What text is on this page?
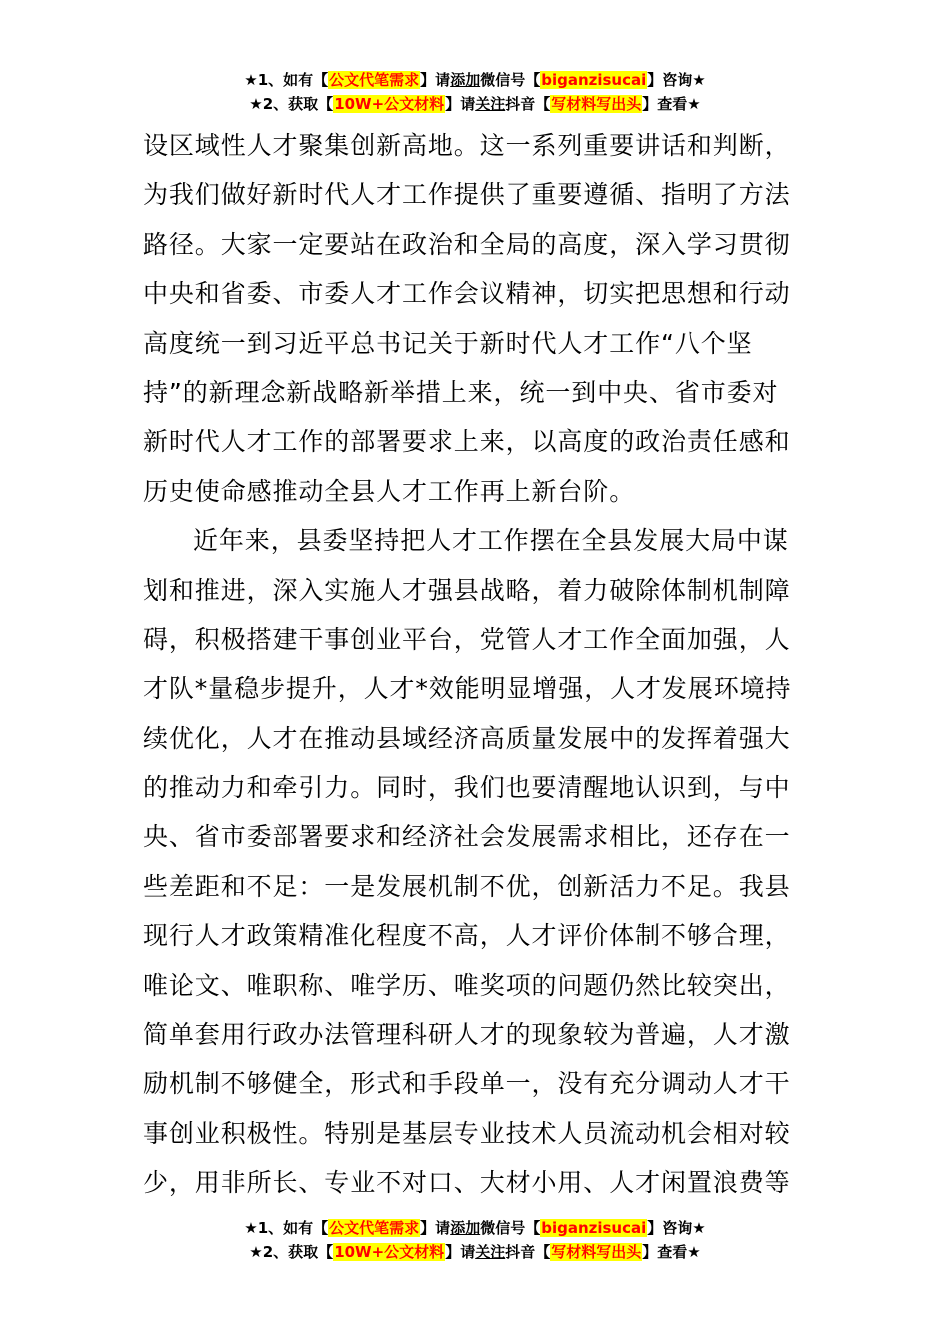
★1、如有【公文代笔需求】请添加微信号【biganzisucai】咨询★
★2、获取【10W+公文材料】请关注抖音【写材料写出头】查看★
设区域性人才聚集创新高地。这一系列重要讲话和判断，
为我们做好新时代人才工作提供了重要遵循、指明了方法
路径。大家一定要站在政治和全局的高度，深入学习贯彻
中央和省委、市委人才工作会议精神，切实把思想和行动
高度统一到习近平总书记关于新时代人才工作“八个坚
持”的新理念新战略新举措上来，统一到中央、省市委对
新时代人才工作的部署要求上来，以高度的政治责任感和
历史使命感推动全县人才工作再上新台阶。
近年来，县委坚持把人才工作摆在全县发展大局中谋
划和推进，深入实施人才强县战略，着力破除体制机制障
碍，积极搭建干事创业平台，党管人才工作全面加强，人
才队*量稳步提升，人才*效能明显增强，人才发展环境持
续优化，人才在推动县域经济高质量发展中的发挥着强大
的推动力和牵引力。同时，我们也要清醒地认识到，与中
央、省市委部署要求和经济社会发展需求相比，还存在一
些差距和不足：一是发展机制不优，创新活力不足。我县
现行人才政策精准化程度不高，人才评价体制不够合理，
唯论文、唯职称、唯学历、唯奖项的问题仍然比较突出，
简单套用行政办法管理科研人才的现象较为普遍，人才激
励机制不够健全，形式和手段单一，没有充分调动人才干
事创业积极性。特别是基层专业技术人员流动机会相对较
少，用非所长、专业不对口、大材小用、人才闲置浪费等
★1、如有【公文代笔需求】请添加微信号【biganzisucai】咨询★
★2、获取【10W+公文材料】请关注抖音【写材料写出头】查看★
